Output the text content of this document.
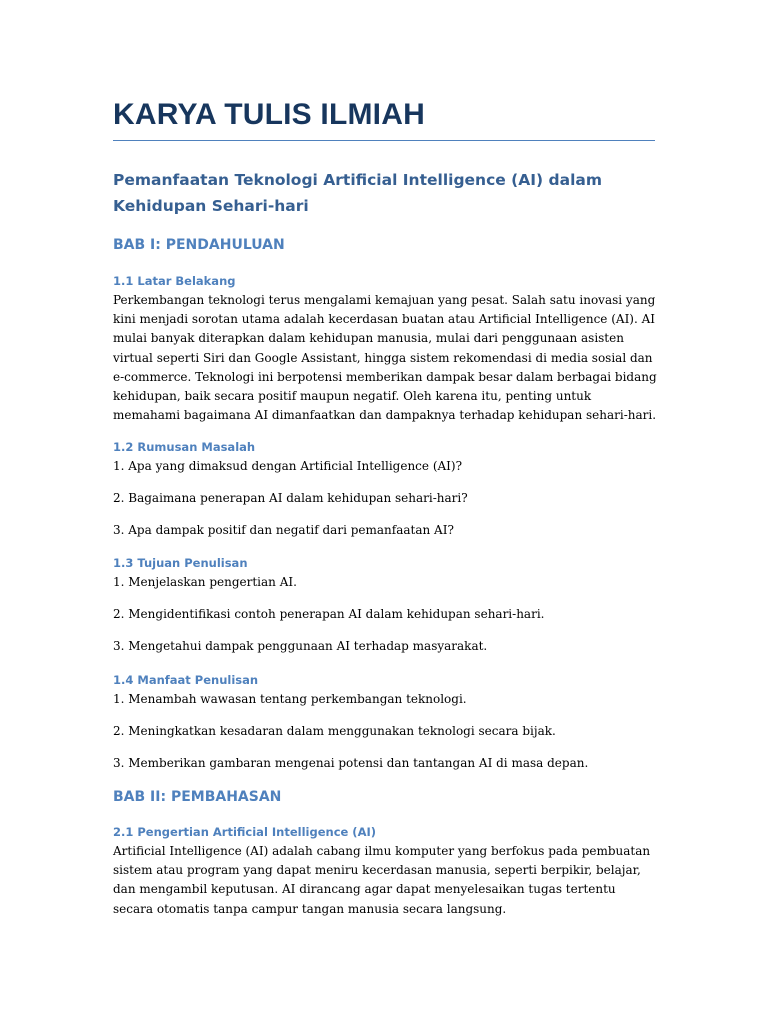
KARYA TULIS ILMIAH
Pemanfaatan Teknologi Artificial Intelligence (AI) dalam Kehidupan Sehari-hari
BAB I: PENDAHULUAN
1.1 Latar Belakang

Perkembangan teknologi terus mengalami kemajuan yang pesat. Salah satu inovasi yang kini menjadi sorotan utama adalah kecerdasan buatan atau Artificial Intelligence (AI). AI mulai banyak diterapkan dalam kehidupan manusia, mulai dari penggunaan asisten virtual seperti Siri dan Google Assistant, hingga sistem rekomendasi di media sosial dan e-commerce. Teknologi ini berpotensi memberikan dampak besar dalam berbagai bidang kehidupan, baik secara positif maupun negatif. Oleh karena itu, penting untuk memahami bagaimana AI dimanfaatkan dan dampaknya terhadap kehidupan sehari-hari.

1.2 Rumusan Masalah

1. Apa yang dimaksud dengan Artificial Intelligence (AI)?

2. Bagaimana penerapan AI dalam kehidupan sehari-hari?

3. Apa dampak positif dan negatif dari pemanfaatan AI?

1.3 Tujuan Penulisan

1. Menjelaskan pengertian AI.

2. Mengidentifikasi contoh penerapan AI dalam kehidupan sehari-hari.

3. Mengetahui dampak penggunaan AI terhadap masyarakat.

1.4 Manfaat Penulisan

1. Menambah wawasan tentang perkembangan teknologi.

2. Meningkatkan kesadaran dalam menggunakan teknologi secara bijak.

3. Memberikan gambaran mengenai potensi dan tantangan AI di masa depan.

BAB II: PEMBAHASAN
2.1 Pengertian Artificial Intelligence (AI)

Artificial Intelligence (AI) adalah cabang ilmu komputer yang berfokus pada pembuatan sistem atau program yang dapat meniru kecerdasan manusia, seperti berpikir, belajar, dan mengambil keputusan. AI dirancang agar dapat menyelesaikan tugas tertentu secara otomatis tanpa campur tangan manusia secara langsung.
